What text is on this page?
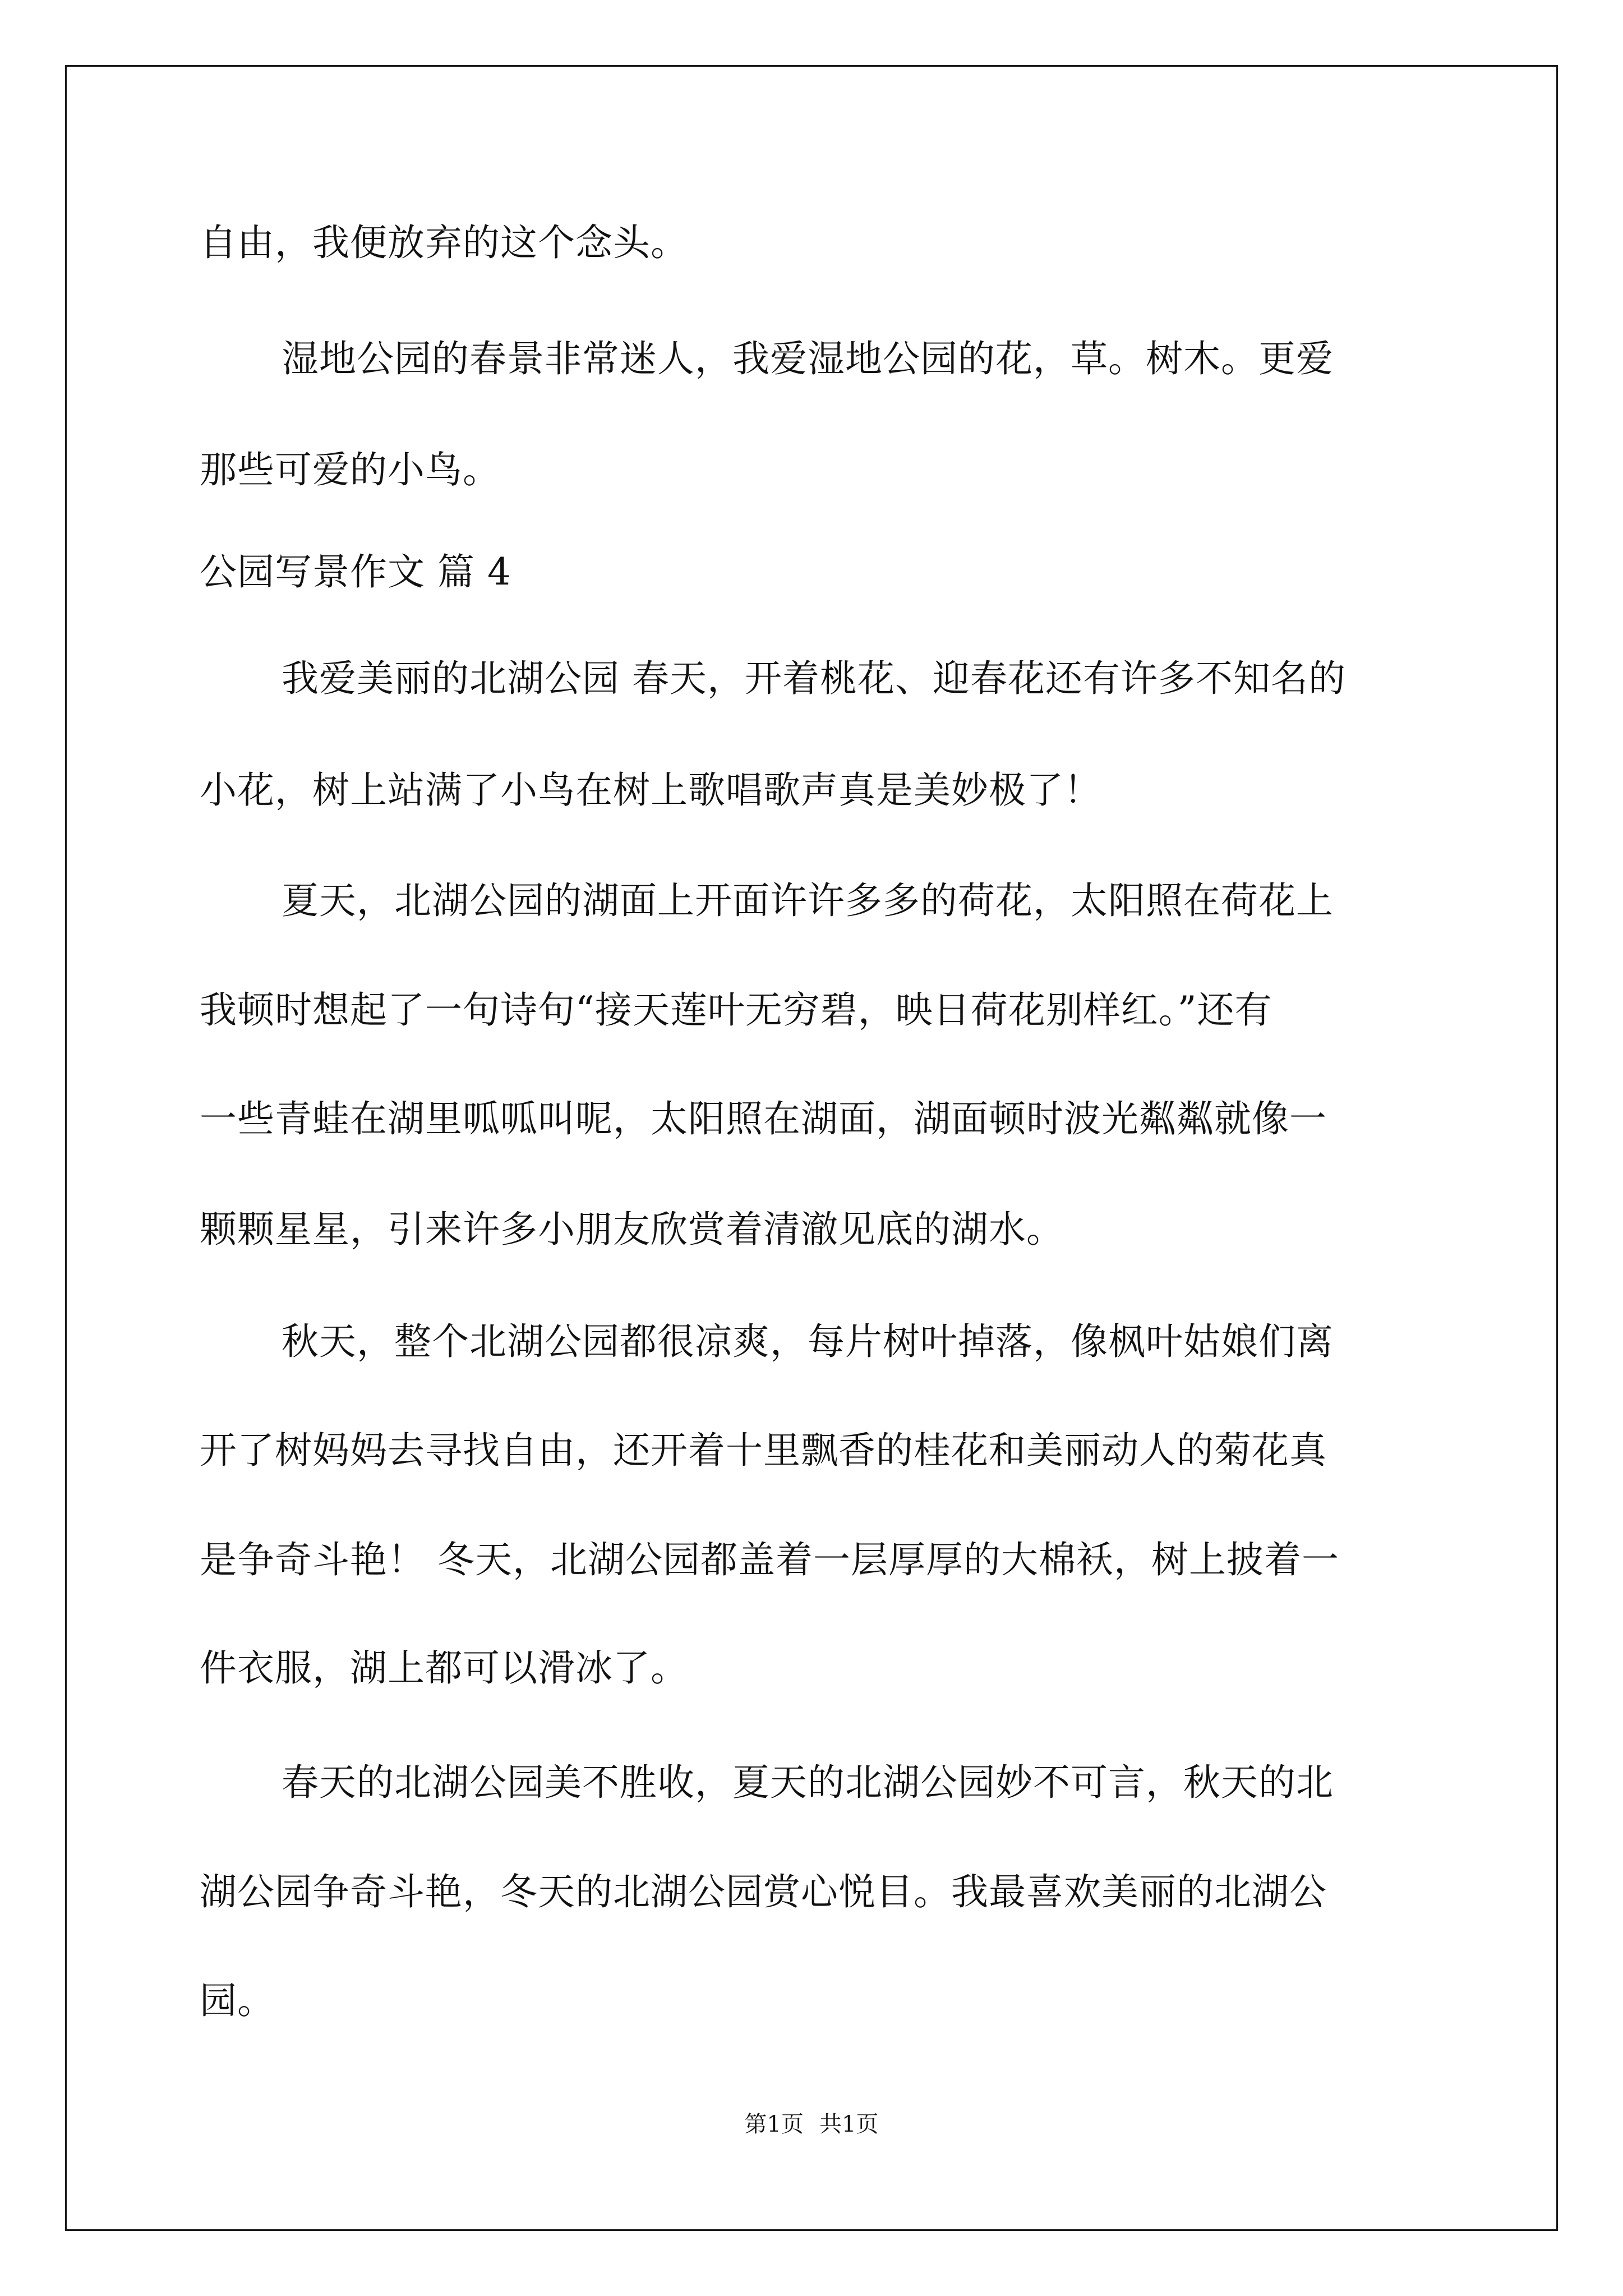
自由，我便放弃的这个念头。
湿地公园的春景非常迷人，我爱湿地公园的花，草。树木。更爱
那些可爱的小鸟。
公园写景作文 篇 4
我爱美丽的北湖公园 春天，开着桃花、迎春花还有许多不知名的
小花，树上站满了小鸟在树上歌唱歌声真是美妙极了！
夏天，北湖公园的湖面上开面许许多多的荷花，太阳照在荷花上
我顿时想起了一句诗句“接天莲叶无穷碧，映日荷花别样红。”还有
一些青蛙在湖里呱呱叫呢，太阳照在湖面，湖面顿时波光粼粼就像一
颗颗星星，引来许多小朋友欣赏着清澈见底的湖水。
秋天，整个北湖公园都很凉爽，每片树叶掉落，像枫叶姑娘们离
开了树妈妈去寻找自由，还开着十里飘香的桂花和美丽动人的菊花真
是争奇斗艳！ 冬天，北湖公园都盖着一层厚厚的大棉袄，树上披着一
件衣服，湖上都可以滑冰了。
春天的北湖公园美不胜收，夏天的北湖公园妙不可言，秋天的北
湖公园争奇斗艳，冬天的北湖公园赏心悦目。我最喜欢美丽的北湖公
园。
第1页 共1页
